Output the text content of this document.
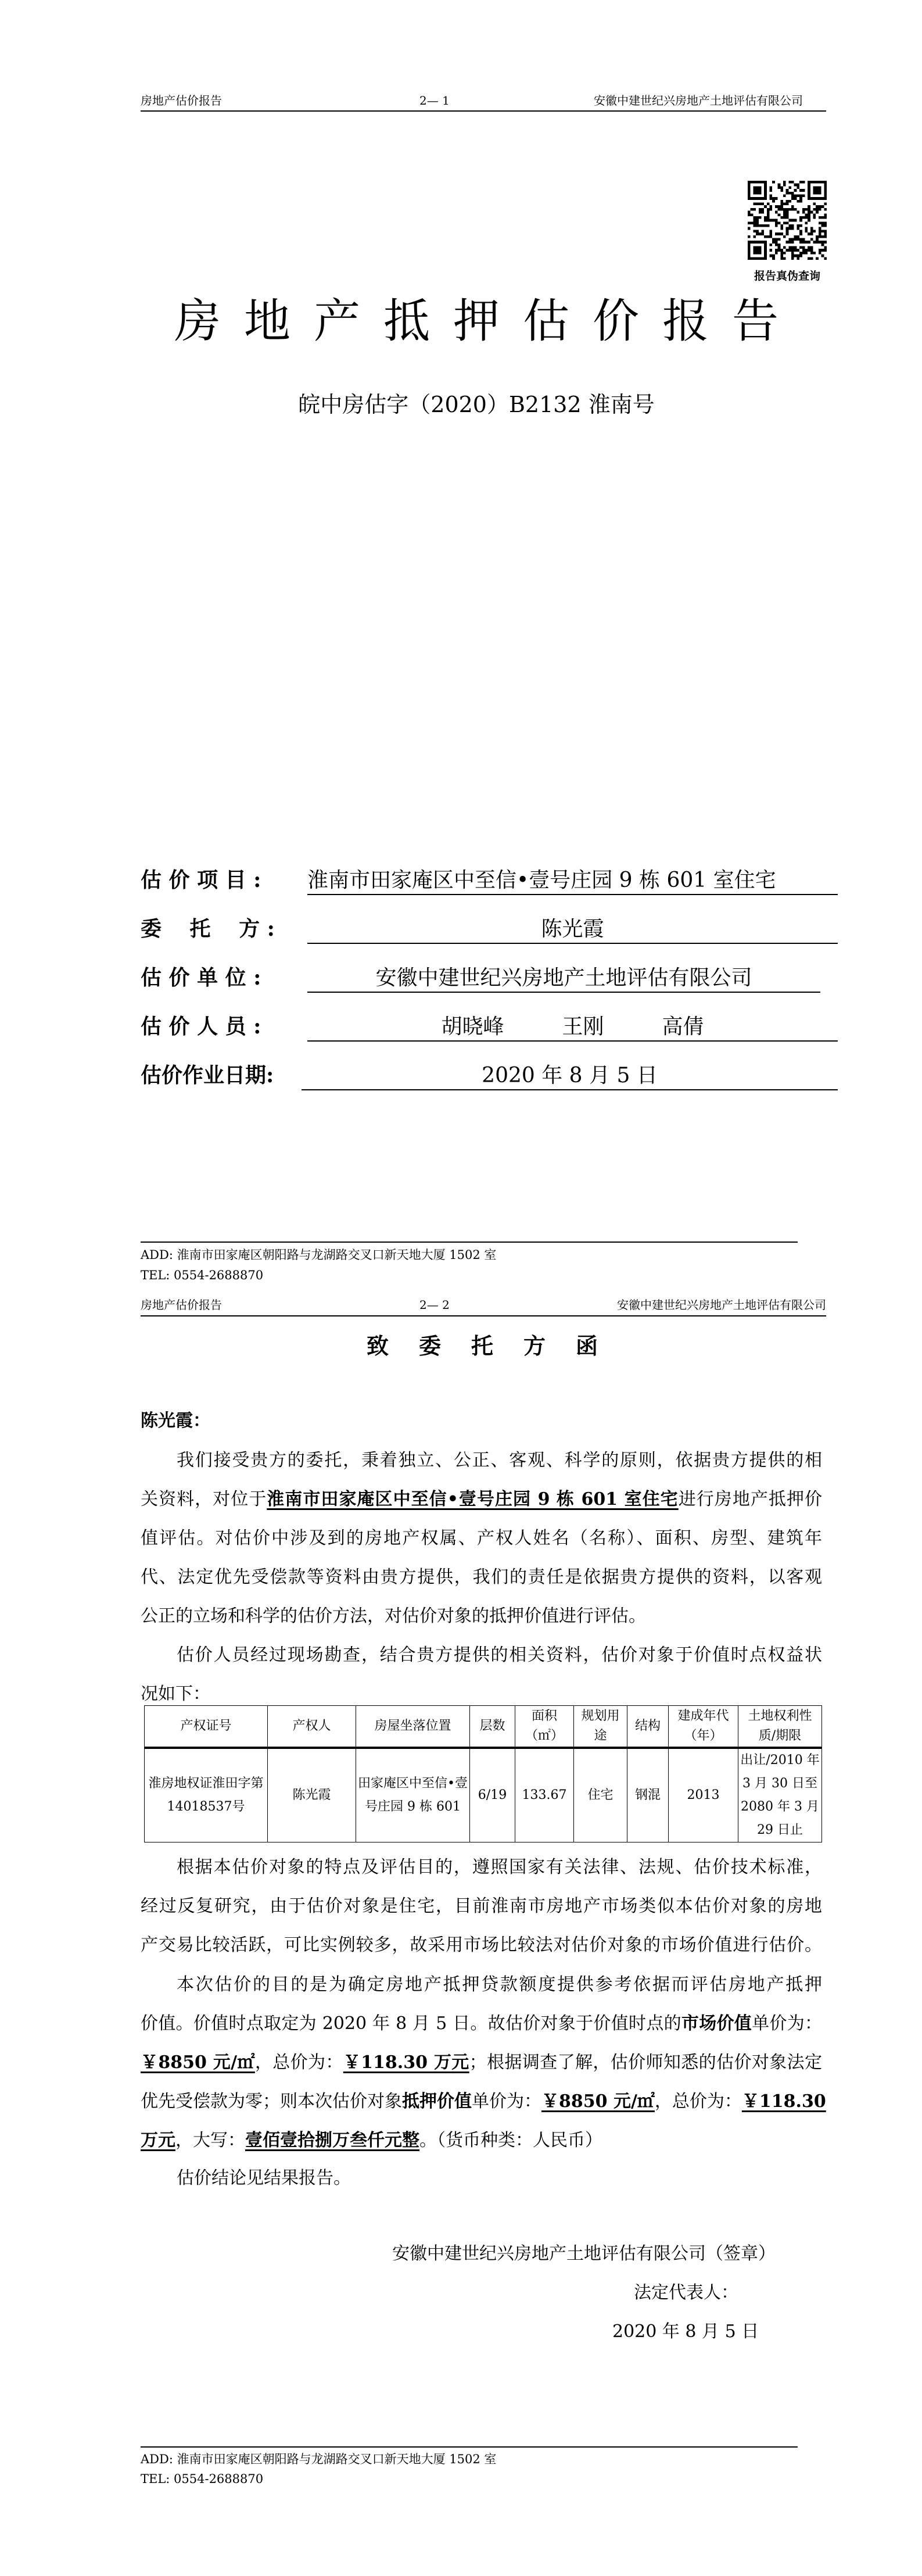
房地产估价报告	2— 1	安徽中建世纪兴房地产土地评估有限公司
报告真伪查询
房地产抵押估价报告
皖中房估字（2020）B2132 淮南号
估 价 项 目 : 淮南市田家庵区中至信•壹号庄园 9 栋 601 室住宅
委　 托　 方 :	陈光霞
估 价 单 位 :	安徽中建世纪兴房地产土地评估有限公司
估 价 人 员 :	胡晓峰	王刚	高倩
估价作业日期:	2020 年 8 月 5 日
ADD: 淮南市田家庵区朝阳路与龙湖路交叉口新天地大厦 1502 室
TEL: 0554-2688870
房地产估价报告	2— 2	安徽中建世纪兴房地产土地评估有限公司
致委托方函
陈光霞：
我们接受贵方的委托，秉着独立、公正、客观、科学的原则，依据贵方提供的相
关资料，对位于淮南市田家庵区中至信•壹号庄园 9 栋 601 室住宅进行房地产抵押价
值评估。对估价中涉及到的房地产权属、产权人姓名（名称）、面积、房型、建筑年
代、法定优先受偿款等资料由贵方提供，我们的责任是依据贵方提供的资料，以客观
公正的立场和科学的估价方法，对估价对象的抵押价值进行评估。
估价人员经过现场勘查，结合贵方提供的相关资料，估价对象于价值时点权益状
况如下：
产权证号	产权人	房屋坐落位置	层数	面积（㎡）	规划用途	结构	建成年代（年）	土地权利性质/期限
淮房地权证淮田字第14018537号	陈光霞	田家庵区中至信•壹号庄园 9 栋 601	6/19	133.67	住宅	钢混	2013	出让/2010 年 3 月 30 日至 2080 年 3 月 29 日止
根据本估价对象的特点及评估目的，遵照国家有关法律、法规、估价技术标准，
经过反复研究，由于估价对象是住宅，目前淮南市房地产市场类似本估价对象的房地
产交易比较活跃，可比实例较多，故采用市场比较法对估价对象的市场价值进行估价。
本次估价的目的是为确定房地产抵押贷款额度提供参考依据而评估房地产抵押
价值。价值时点取定为 2020 年 8 月 5 日。故估价对象于价值时点的市场价值单价为：
￥8850 元/㎡，总价为：￥118.30 万元；根据调查了解，估价师知悉的估价对象法定
优先受偿款为零；则本次估价对象抵押价值单价为：￥8850 元/㎡，总价为：￥118.30
万元，大写：壹佰壹拾捌万叁仟元整。（货币种类：人民币）
估价结论见结果报告。
安徽中建世纪兴房地产土地评估有限公司（签章）
法定代表人：
2020 年 8 月 5 日
ADD: 淮南市田家庵区朝阳路与龙湖路交叉口新天地大厦 1502 室
TEL: 0554-2688870
